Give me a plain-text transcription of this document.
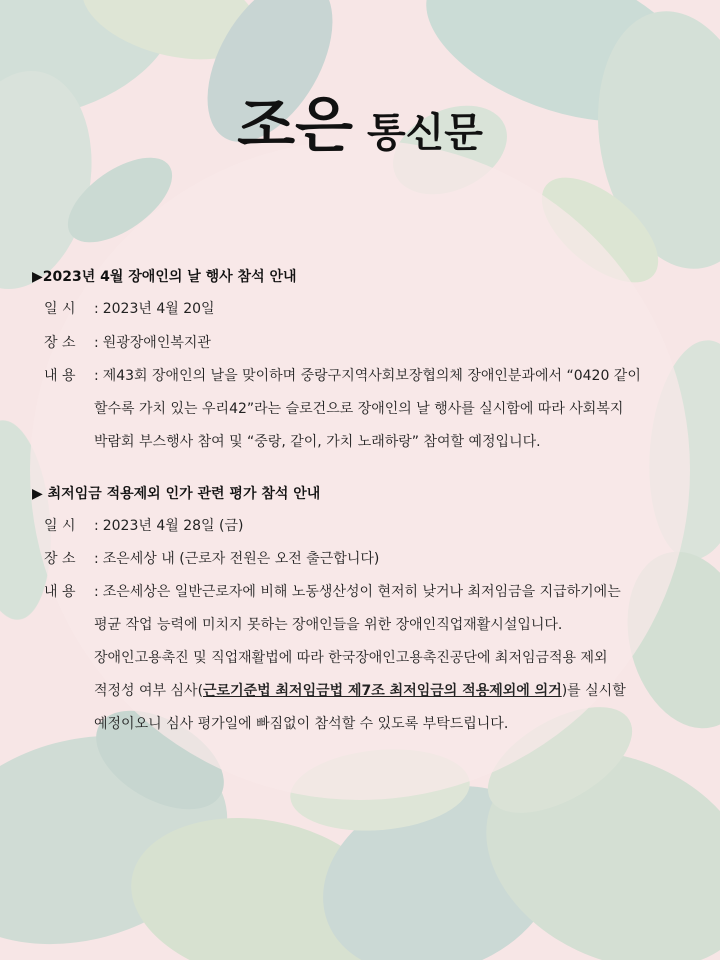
조은 통신문
▶2023년 4월 장애인의 날 행사 참석 안내
일 시 : 2023년 4월 20일
장 소 : 원광장애인복지관
내 용 : 제43회 장애인의 날을 맞이하며 중랑구지역사회보장협의체 장애인분과에서 “0420 같이
할수록 가치 있는 우리42”라는 슬로건으로 장애인의 날 행사를 실시함에 따라 사회복지
박람회 부스행사 참여 및 “중랑, 같이, 가치 노래하랑” 참여할 예정입니다.
▶ 최저임금 적용제외 인가 관련 평가 참석 안내
일 시 : 2023년 4월 28일 (금)
장 소 : 조은세상 내 (근로자 전원은 오전 출근합니다)
내 용 : 조은세상은 일반근로자에 비해 노동생산성이 현저히 낮거나 최저임금을 지급하기에는
평균 작업 능력에 미치지 못하는 장애인들을 위한 장애인직업재활시설입니다.
장애인고용촉진 및 직업재활법에 따라 한국장애인고용촉진공단에 최저임금적용 제외
적정성 여부 심사(근로기준법 최저임금법 제7조 최저임금의 적용제외에 의거)를 실시할
예정이오니 심사 평가일에 빠짐없이 참석할 수 있도록 부탁드립니다.
